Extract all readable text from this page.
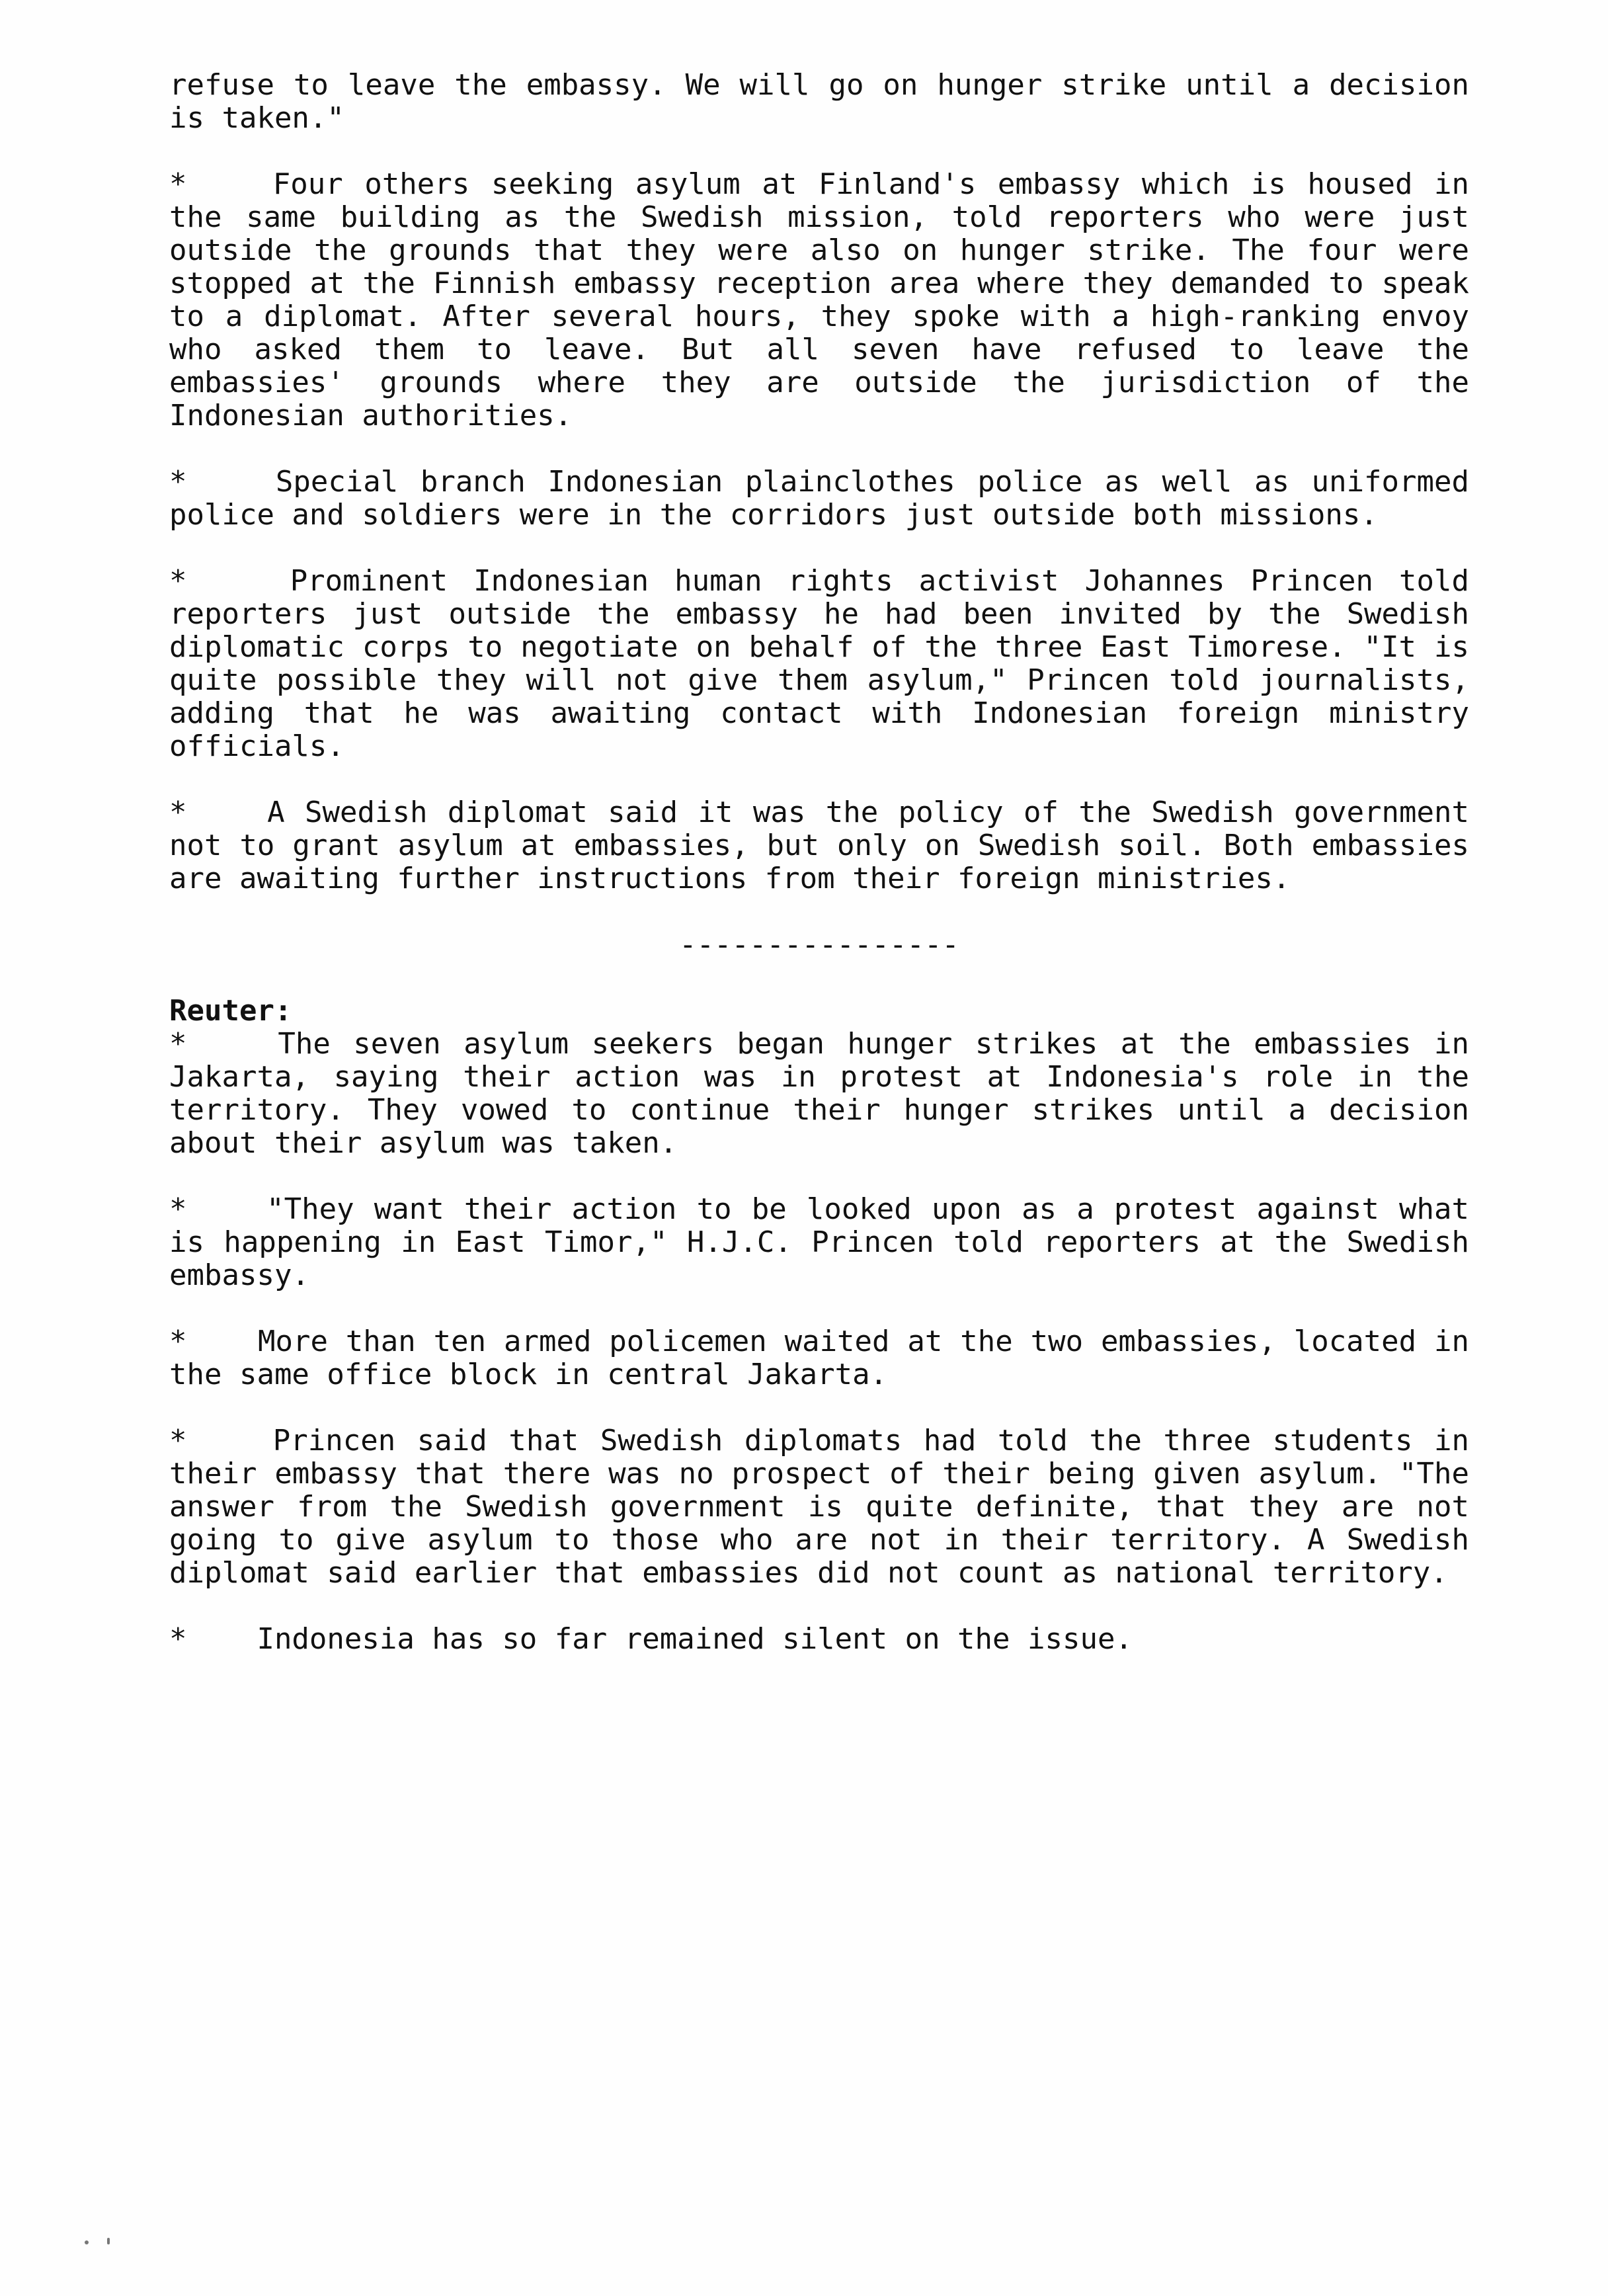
refuse to leave the embassy. We will go on hunger strike until a decision is taken."

*    Four others seeking asylum at Finland's embassy which is housed in the same building as the Swedish mission, told reporters who were just outside the grounds that they were also on hunger strike. The four were stopped at the Finnish embassy reception area where they demanded to speak to a diplomat. After several hours, they spoke with a high-ranking envoy who asked them to leave. But all seven have refused to leave the embassies' grounds where they are outside the jurisdiction of the Indonesian authorities.

*    Special branch Indonesian plainclothes police as well as uniformed police and soldiers were in the corridors just outside both missions.

*    Prominent Indonesian human rights activist Johannes Princen told reporters just outside the embassy he had been invited by the Swedish diplomatic corps to negotiate on behalf of the three East Timorese. "It is quite possible they will not give them asylum," Princen told journalists, adding that he was awaiting contact with Indonesian foreign ministry officials.

*    A Swedish diplomat said it was the policy of the Swedish government not to grant asylum at embassies, but only on Swedish soil. Both embassies are awaiting further instructions from their foreign ministries.

----------------
Reuter:

*    The seven asylum seekers began hunger strikes at the embassies in Jakarta, saying their action was in protest at Indonesia's role in the territory. They vowed to continue their hunger strikes until a decision about their asylum was taken.

*    "They want their action to be looked upon as a protest against what is happening in East Timor," H.J.C. Princen told reporters at the Swedish embassy.

*    More than ten armed policemen waited at the two embassies, located in the same office block in central Jakarta.

*    Princen said that Swedish diplomats had told the three students in their embassy that there was no prospect of their being given asylum. "The answer from the Swedish government is quite definite, that they are not going to give asylum to those who are not in their territory. A Swedish diplomat said earlier that embassies did not count as national territory.

*    Indonesia has so far remained silent on the issue.
